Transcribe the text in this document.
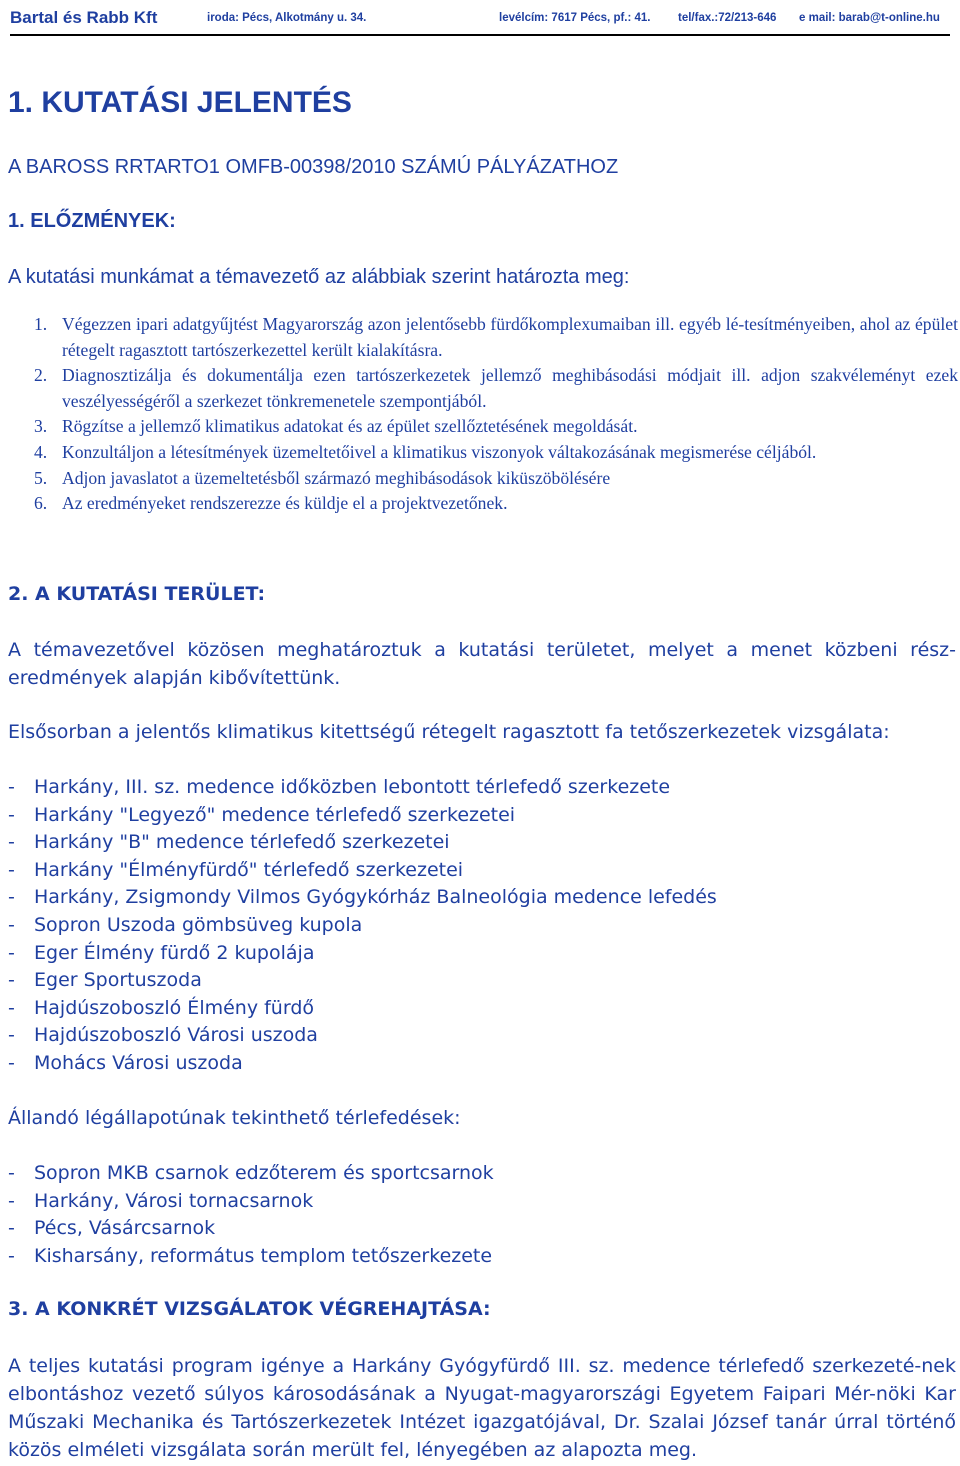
Bartal és Rabb Kft	iroda: Pécs, Alkotmány u. 34.	levélcím: 7617 Pécs, pf.: 41. tel/fax.:72/213-646 e mail: barab@t-online.hu
1. KUTATÁSI JELENTÉS
A BAROSS RRTARTO1 OMFB-00398/2010 SZÁMÚ PÁLYÁZATHOZ
1. ELŐZMÉNYEK:
A kutatási munkámat a témavezető az alábbiak szerint határozta meg:
1. Végezzen ipari adatgyűjtést Magyarország azon jelentősebb fürdőkomplexumaiban ill. egyéb lé-tesítményeiben, ahol az épület rétegelt ragasztott tartószerkezettel került kialakításra.
2. Diagnosztizálja és dokumentálja ezen tartószerkezetek jellemző meghibásodási módjait ill. adjon szakvéleményt ezek veszélyességéről a szerkezet tönkremenetele szempontjából.
3. Rögzítse a jellemző klimatikus adatokat és az épület szellőztetésének megoldását.
4. Konzultáljon a létesítmények üzemeltetőivel a klimatikus viszonyok váltakozásának megismerése céljából.
5. Adjon javaslatot a üzemeltetésből származó meghibásodások kiküszöbölésére
6. Az eredményeket rendszerezze és küldje el a projektvezetőnek.
2. A KUTATÁSI TERÜLET:
A témavezetővel közösen meghatároztuk a kutatási területet, melyet a menet közbeni rész-eredmények alapján kibővítettünk.
Elsősorban a jelentős klimatikus kitettségű rétegelt ragasztott fa tetőszerkezetek vizsgálata:
- Harkány, III. sz. medence időközben lebontott térlefedő szerkezete
- Harkány "Legyező" medence térlefedő szerkezetei
- Harkány "B" medence térlefedő szerkezetei
- Harkány "Élményfürdő" térlefedő szerkezetei
- Harkány, Zsigmondy Vilmos Gyógykórház Balneológia medence lefedés
- Sopron Uszoda gömbsüveg kupola
- Eger Élmény fürdő 2 kupolája
- Eger Sportuszoda
- Hajdúszoboszló Élmény fürdő
- Hajdúszoboszló Városi uszoda
- Mohács Városi uszoda
Állandó légállapotúnak tekinthető térlefedések:
- Sopron MKB csarnok edzőterem és sportcsarnok
- Harkány, Városi tornacsarnok
- Pécs, Vásárcsarnok
- Kisharsány, református templom tetőszerkezete
3. A KONKRÉT VIZSGÁLATOK VÉGREHAJTÁSA:
A teljes kutatási program igénye a Harkány Gyógyfürdő III. sz. medence térlefedő szerkezeté-nek elbontáshoz vezető súlyos károsodásának a Nyugat-magyarországi Egyetem Faipari Mér-nöki Kar Műszaki Mechanika és Tartószerkezetek Intézet igazgatójával, Dr. Szalai József tanár úrral történő közös elméleti vizsgálata során merült fel, lényegében az alapozta meg.
